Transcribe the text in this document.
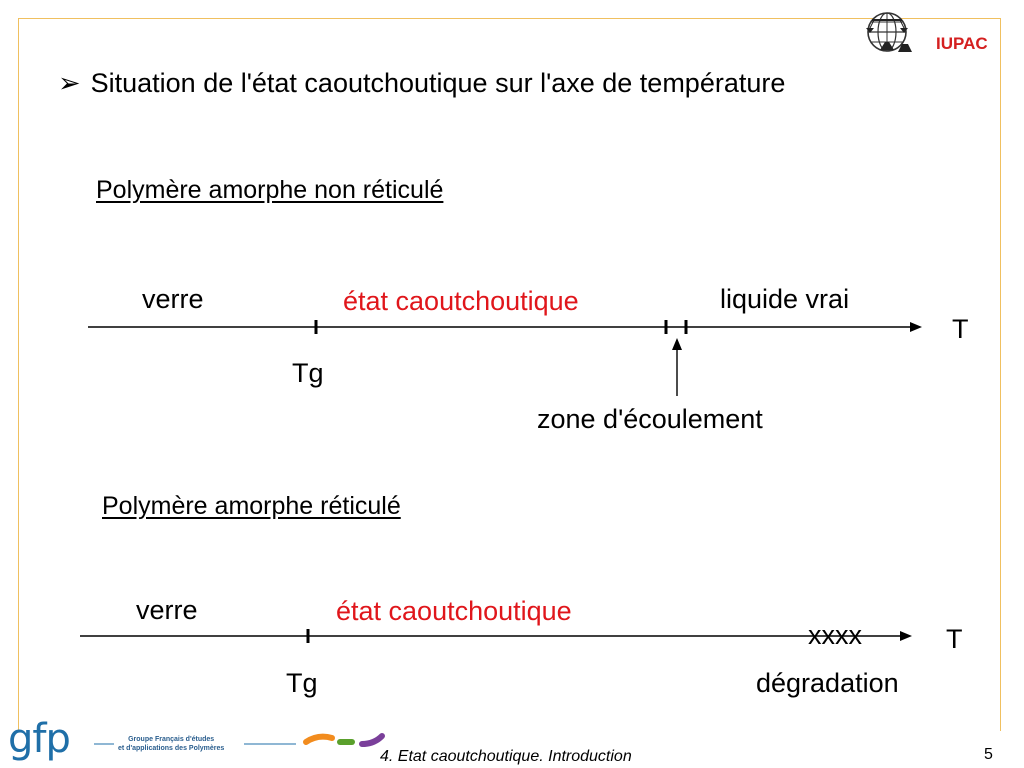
IUPAC
➢ Situation de l'état caoutchoutique sur l'axe de température
Polymère amorphe non réticulé
verre	état caoutchoutique	liquide vrai
T
Tg
zone d'écoulement
Polymère amorphe réticulé
verre	état caoutchoutique
xxxx	T
Tg	dégradation
gfp	Groupe Français d'études
et d'applications des Polymères	4. Etat caoutchoutique. Introduction	5
